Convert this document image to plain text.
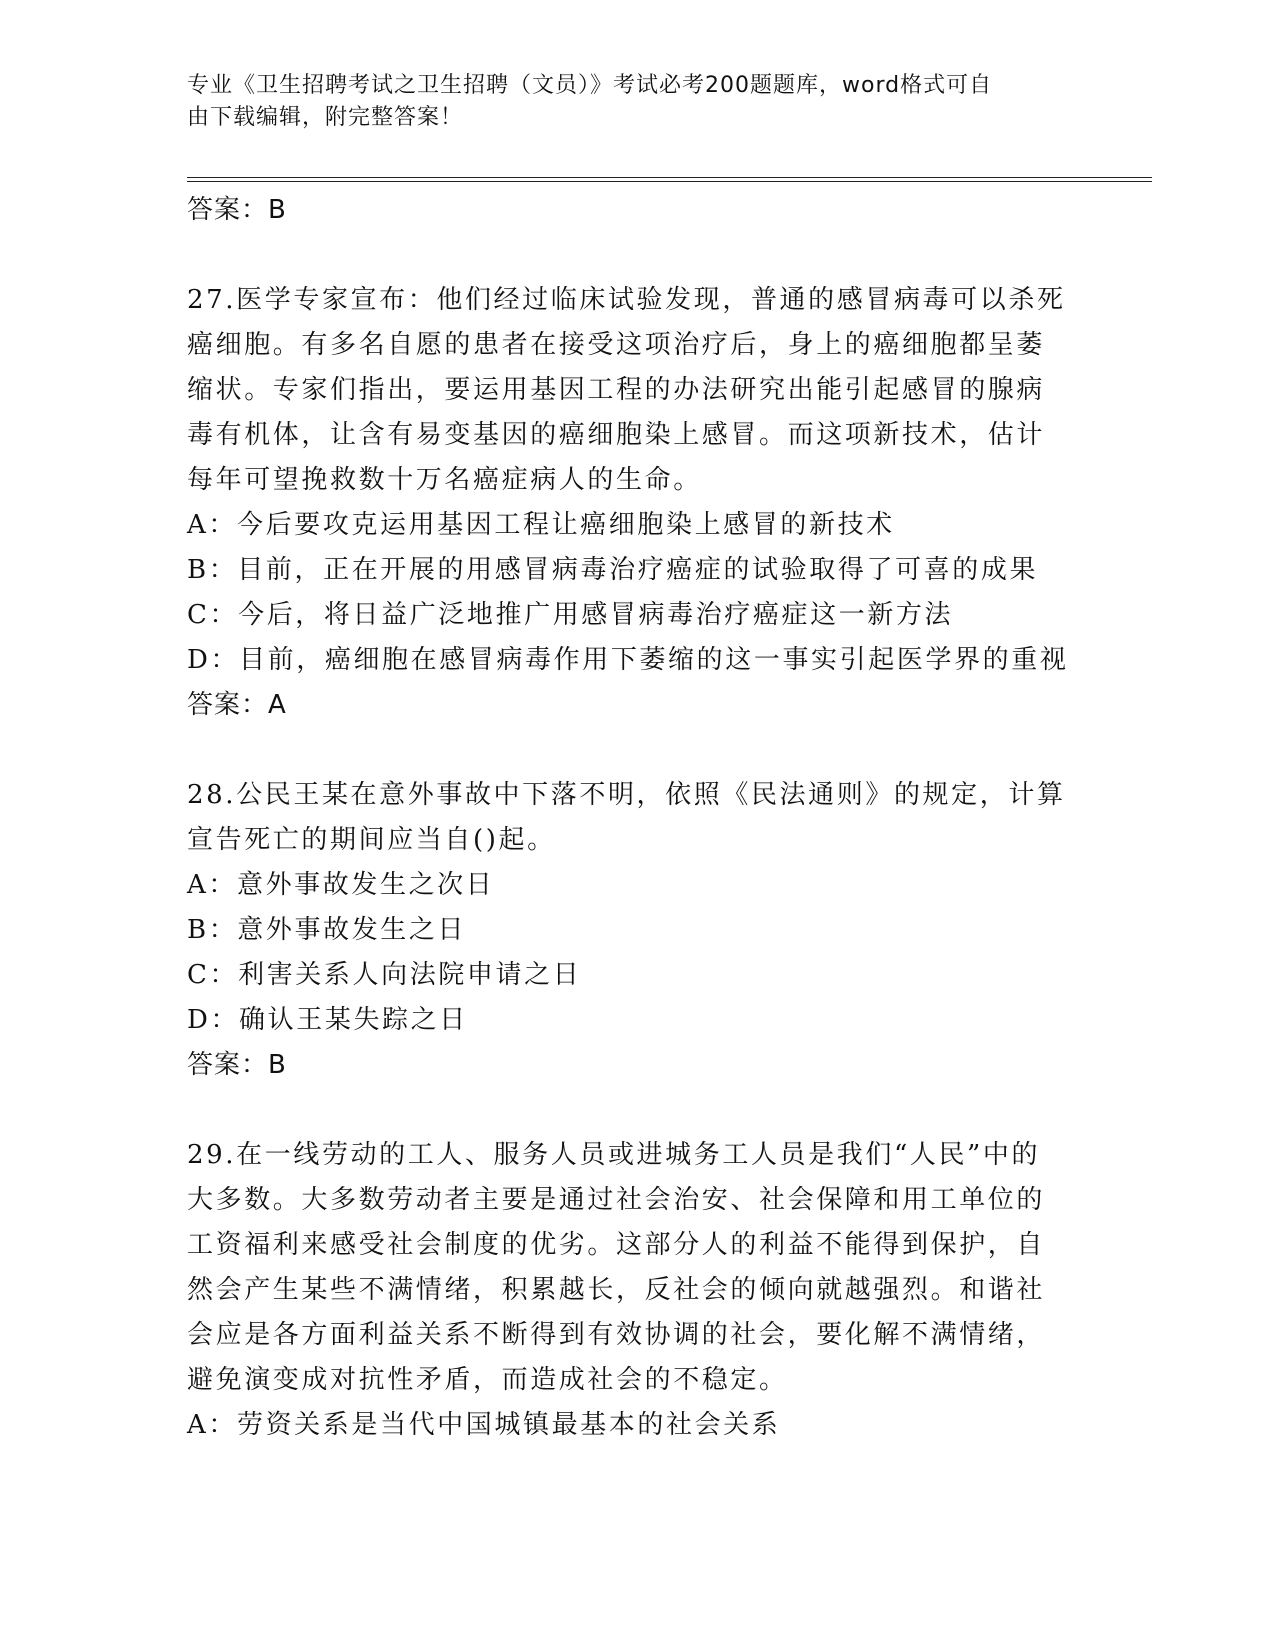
专业《卫生招聘考试之卫生招聘（文员）》考试必考200题题库，word格式可自
由下载编辑，附完整答案！

答案：B

27.医学专家宣布：他们经过临床试验发现，普通的感冒病毒可以杀死

癌细胞。有多名自愿的患者在接受这项治疗后，身上的癌细胞都呈萎

缩状。专家们指出，要运用基因工程的办法研究出能引起感冒的腺病

毒有机体，让含有易变基因的癌细胞染上感冒。而这项新技术，估计

每年可望挽救数十万名癌症病人的生命。

A：今后要攻克运用基因工程让癌细胞染上感冒的新技术

B：目前，正在开展的用感冒病毒治疗癌症的试验取得了可喜的成果

C：今后，将日益广泛地推广用感冒病毒治疗癌症这一新方法

D：目前，癌细胞在感冒病毒作用下萎缩的这一事实引起医学界的重视

答案：A

28.公民王某在意外事故中下落不明，依照《民法通则》的规定，计算

宣告死亡的期间应当自()起。

A：意外事故发生之次日

B：意外事故发生之日

C：利害关系人向法院申请之日

D：确认王某失踪之日

答案：B

29.在一线劳动的工人、服务人员或进城务工人员是我们“人民”中的

大多数。大多数劳动者主要是通过社会治安、社会保障和用工单位的

工资福利来感受社会制度的优劣。这部分人的利益不能得到保护，自

然会产生某些不满情绪，积累越长，反社会的倾向就越强烈。和谐社

会应是各方面利益关系不断得到有效协调的社会，要化解不满情绪，

避免演变成对抗性矛盾，而造成社会的不稳定。

A：劳资关系是当代中国城镇最基本的社会关系
